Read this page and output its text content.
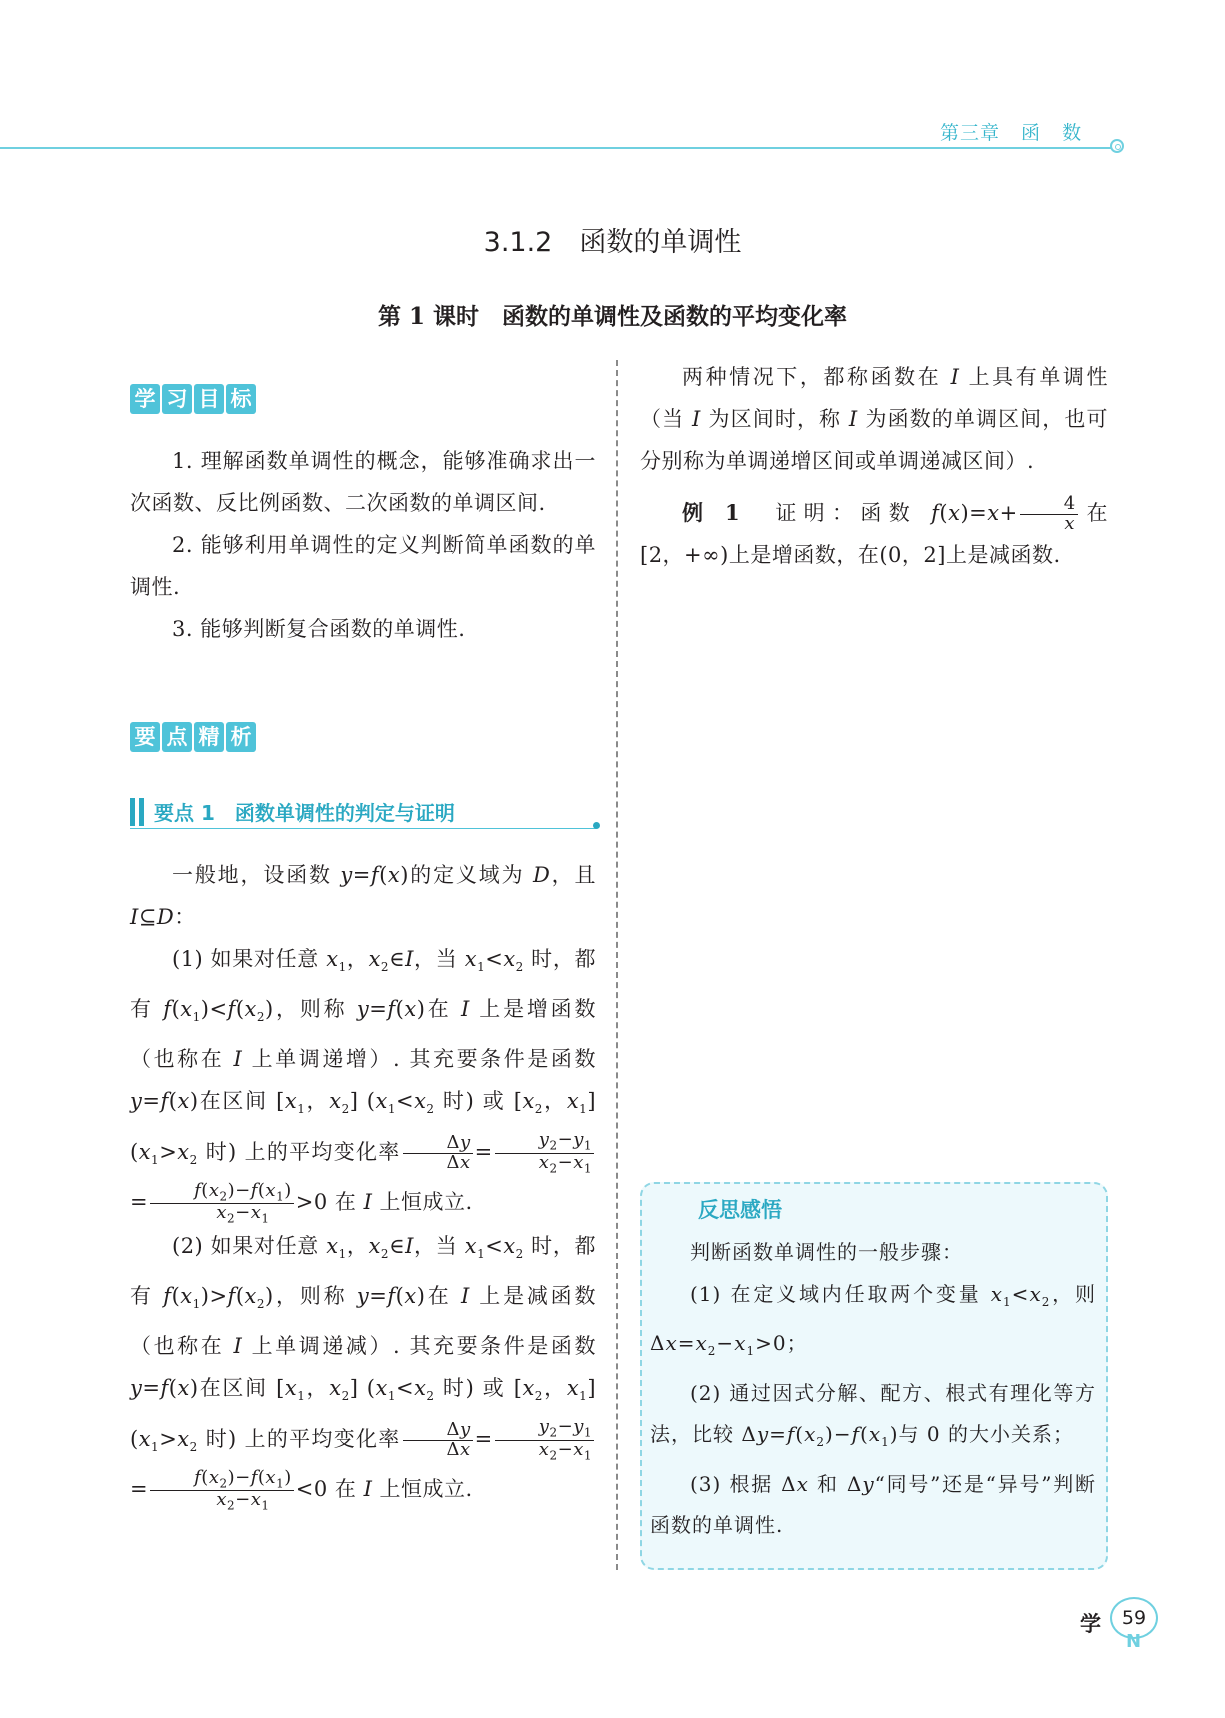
第三章 函 数
3.1.2　函数的单调性
第 1 课时　函数的单调性及函数的平均变化率
学 习 目 标

1. 理解函数单调性的概念，能够准确求出一次函数、反比例函数、二次函数的单调区间.

2. 能够利用单调性的定义判断简单函数的单调性.

3. 能够判断复合函数的单调性.

要 点 精 析
要点 1　函数单调性的判定与证明

一般地，设函数 y=f(x)的定义域为 D，且 I⊆D：

(1) 如果对任意 $x_1$，$x_2\in I$，当 $x_1<x_2$ 时，都有 $f(x_1)<f(x_2)$，则称 y=f(x)在 I 上是增函数（也称在 I 上单调递增）. 其充要条件是函数 y=f(x)在区间 [$x_1$，$x_2$] ($x_1<x_2$ 时) 或 [$x_2$，$x_1$] ($x_1>x_2$ 时) 上的平均变化率 $\frac{\Delta y}{\Delta x} = \frac{y_2-y_1}{x_2-x_1}$
= $\frac{f(x_2)-f(x_1)}{x_2-x_1} >0$ 在 I 上恒成立.

(2) 如果对任意 $x_1$，$x_2\in I$，当 $x_1<x_2$ 时，都有 $f(x_1)>f(x_2)$，则称 y=f(x)在 I 上是减函数（也称在 I 上单调递减）. 其充要条件是函数 y=f(x)在区间 [$x_1$，$x_2$] ($x_1<x_2$ 时) 或 [$x_2$，$x_1$] ($x_1>x_2$ 时) 上的平均变化率 $\frac{\Delta y}{\Delta x} = \frac{y_2-y_1}{x_2-x_1}$
= $\frac{f(x_2)-f(x_1)}{x_2-x_1} <0$ 在 I 上恒成立.

两种情况下，都称函数在 I 上具有单调性（当 I 为区间时，称 I 为函数的单调区间，也可分别称为单调递增区间或单调递减区间）.

例 1　证明：函数 $f(x)=x+ \frac{4}{x}$ 在[2，+∞)上是增函数，在(0，2]上是减函数.

反思感悟

判断函数单调性的一般步骤：

(1) 在定义域内任取两个变量 $x_1<x_2$，则 $\Delta x=x_2-x_1>0$；

(2) 通过因式分解、配方、根式有理化等方法，比较 $\Delta y=f(x_2)-f(x_1)$与 0 的大小关系；

(3) 根据 Δx 和 Δy“同号”还是“异号”判断函数的单调性.

学	59
N
